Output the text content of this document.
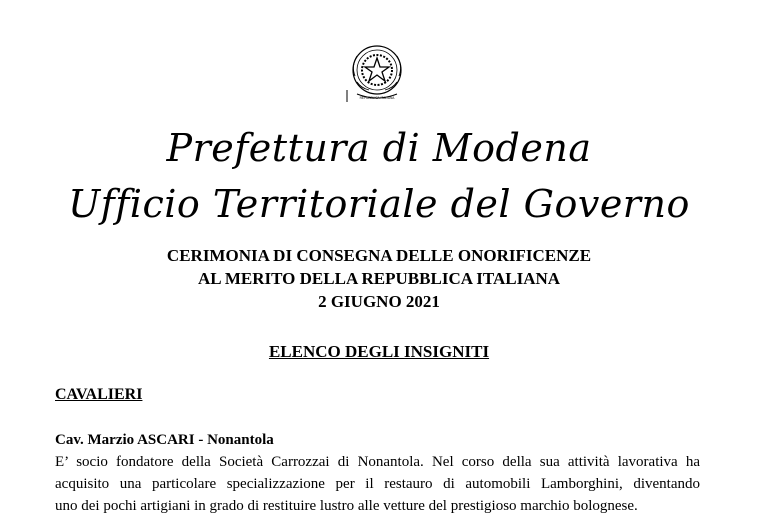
REPUBBLICA ITALIANA
Prefettura di Modena
Ufficio Territoriale del Governo
CERIMONIA DI CONSEGNA DELLE ONORIFICENZE
AL MERITO DELLA REPUBBLICA ITALIANA
2 GIUGNO 2021
ELENCO DEGLI INSIGNITI
CAVALIERI
Cav. Marzio ASCARI - Nonantola
E’ socio fondatore della Società Carrozzai di Nonantola. Nel corso della sua attività lavorativa ha
acquisito una particolare specializzazione per il restauro di automobili Lamborghini, diventando
uno dei pochi artigiani in grado di restituire lustro alle vetture del prestigioso marchio bolognese.
